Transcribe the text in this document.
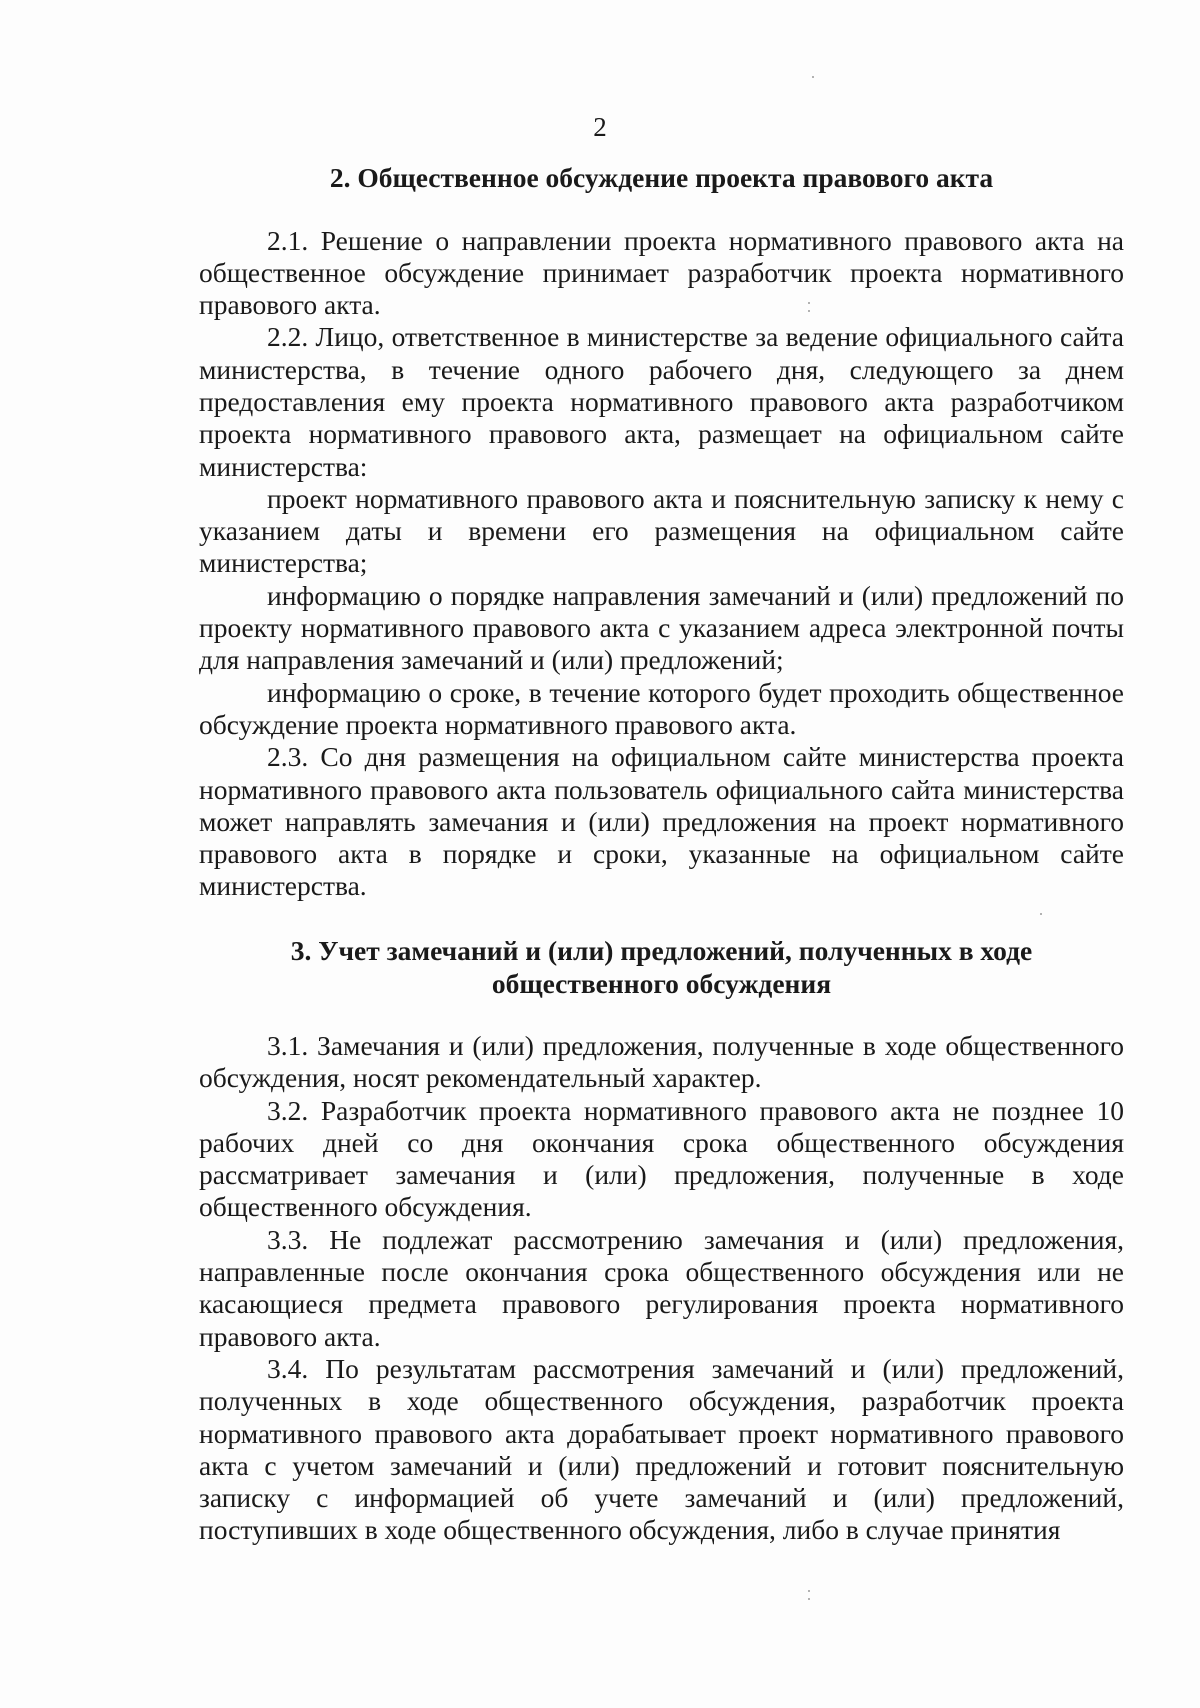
2
2. Общественное обсуждение проекта правового акта

2.1. Решение о направлении проекта нормативного правового акта на общественное обсуждение принимает разработчик проекта нормативного правового акта.

2.2. Лицо, ответственное в министерстве за ведение официального сайта министерства, в течение одного рабочего дня, следующего за днем предоставления ему проекта нормативного правового акта разработчиком проекта нормативного правового акта, размещает на официальном сайте министерства:

проект нормативного правового акта и пояснительную записку к нему с указанием даты и времени его размещения на официальном сайте министерства;

информацию о порядке направления замечаний и (или) предложений по проекту нормативного правового акта с указанием адреса электронной почты для направления замечаний и (или) предложений;

информацию о сроке, в течение которого будет проходить общественное обсуждение проекта нормативного правового акта.

2.3. Со дня размещения на официальном сайте министерства проекта нормативного правового акта пользователь официального сайта министерства может направлять замечания и (или) предложения на проект нормативного правового акта в порядке и сроки, указанные на официальном сайте министерства.

3. Учет замечаний и (или) предложений, полученных в ходе
общественного обсуждения

3.1. Замечания и (или) предложения, полученные в ходе общественного обсуждения, носят рекомендательный характер.

3.2. Разработчик проекта нормативного правового акта не позднее 10 рабочих дней со дня окончания срока общественного обсуждения рассматривает замечания и (или) предложения, полученные в ходе общественного обсуждения.

3.3. Не подлежат рассмотрению замечания и (или) предложения, направленные после окончания срока общественного обсуждения или не касающиеся предмета правового регулирования проекта нормативного правового акта.

3.4. По результатам рассмотрения замечаний и (или) предложений, полученных в ходе общественного обсуждения, разработчик проекта нормативного правового акта дорабатывает проект нормативного правового акта с учетом замечаний и (или) предложений и готовит пояснительную записку с информацией об учете замечаний и (или) предложений, поступивших в ходе общественного обсуждения, либо в случае принятия
